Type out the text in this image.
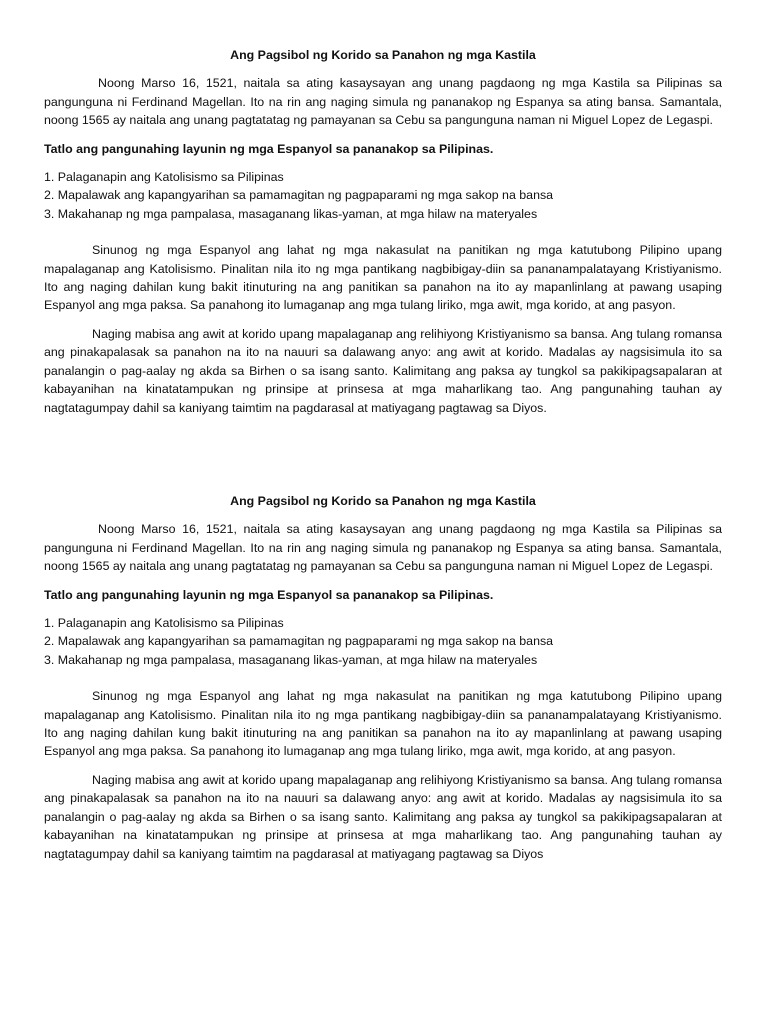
Ang Pagsibol ng Korido sa Panahon ng mga Kastila

Noong Marso 16, 1521, naitala sa ating kasaysayan ang unang pagdaong ng mga Kastila sa Pilipinas sa pangunguna ni Ferdinand Magellan. Ito na rin ang naging simula ng pananakop ng Espanya sa ating bansa. Samantala, noong 1565 ay naitala ang unang pagtatatag ng pamayanan sa Cebu sa pangunguna naman ni Miguel Lopez de Legaspi.

Tatlo ang pangunahing layunin ng mga Espanyol sa pananakop sa Pilipinas.
1. Palaganapin ang Katolisismo sa Pilipinas
2. Mapalawak ang kapangyarihan sa pamamagitan ng pagpaparami ng mga sakop na bansa
3. Makahanap ng mga pampalasa, masaganang likas-yaman, at mga hilaw na materyales

Sinunog ng mga Espanyol ang lahat ng mga nakasulat na panitikan ng mga katutubong Pilipino upang mapalaganap ang Katolisismo. Pinalitan nila ito ng mga pantikang nagbibigay-diin sa pananampalatayang Kristiyanismo. Ito ang naging dahilan kung bakit itinuturing na ang panitikan sa panahon na ito ay mapanlinlang at pawang usaping Espanyol ang mga paksa. Sa panahong ito lumaganap ang mga tulang liriko, mga awit, mga korido, at ang pasyon.

Naging mabisa ang awit at korido upang mapalaganap ang relihiyong Kristiyanismo sa bansa. Ang tulang romansa ang pinakapalasak sa panahon na ito na nauuri sa dalawang anyo: ang awit at korido. Madalas ay nagsisimula ito sa panalangin o pag-aalay ng akda sa Birhen o sa isang santo. Kalimitang ang paksa ay tungkol sa pakikipagsapalaran at kabayanihan na kinatatampukan ng prinsipe at prinsesa at mga maharlikang tao. Ang pangunahing tauhan ay nagtatagumpay dahil sa kaniyang taimtim na pagdarasal at matiyagang pagtawag sa Diyos.

Ang Pagsibol ng Korido sa Panahon ng mga Kastila

Noong Marso 16, 1521, naitala sa ating kasaysayan ang unang pagdaong ng mga Kastila sa Pilipinas sa pangunguna ni Ferdinand Magellan. Ito na rin ang naging simula ng pananakop ng Espanya sa ating bansa. Samantala, noong 1565 ay naitala ang unang pagtatatag ng pamayanan sa Cebu sa pangunguna naman ni Miguel Lopez de Legaspi.

Tatlo ang pangunahing layunin ng mga Espanyol sa pananakop sa Pilipinas.
1. Palaganapin ang Katolisismo sa Pilipinas
2. Mapalawak ang kapangyarihan sa pamamagitan ng pagpaparami ng mga sakop na bansa
3. Makahanap ng mga pampalasa, masaganang likas-yaman, at mga hilaw na materyales

Sinunog ng mga Espanyol ang lahat ng mga nakasulat na panitikan ng mga katutubong Pilipino upang mapalaganap ang Katolisismo. Pinalitan nila ito ng mga pantikang nagbibigay-diin sa pananampalatayang Kristiyanismo. Ito ang naging dahilan kung bakit itinuturing na ang panitikan sa panahon na ito ay mapanlinlang at pawang usaping Espanyol ang mga paksa. Sa panahong ito lumaganap ang mga tulang liriko, mga awit, mga korido, at ang pasyon.

Naging mabisa ang awit at korido upang mapalaganap ang relihiyong Kristiyanismo sa bansa. Ang tulang romansa ang pinakapalasak sa panahon na ito na nauuri sa dalawang anyo: ang awit at korido. Madalas ay nagsisimula ito sa panalangin o pag-aalay ng akda sa Birhen o sa isang santo. Kalimitang ang paksa ay tungkol sa pakikipagsapalaran at kabayanihan na kinatatampukan ng prinsipe at prinsesa at mga maharlikang tao. Ang pangunahing tauhan ay nagtatagumpay dahil sa kaniyang taimtim na pagdarasal at matiyagang pagtawag sa Diyos
